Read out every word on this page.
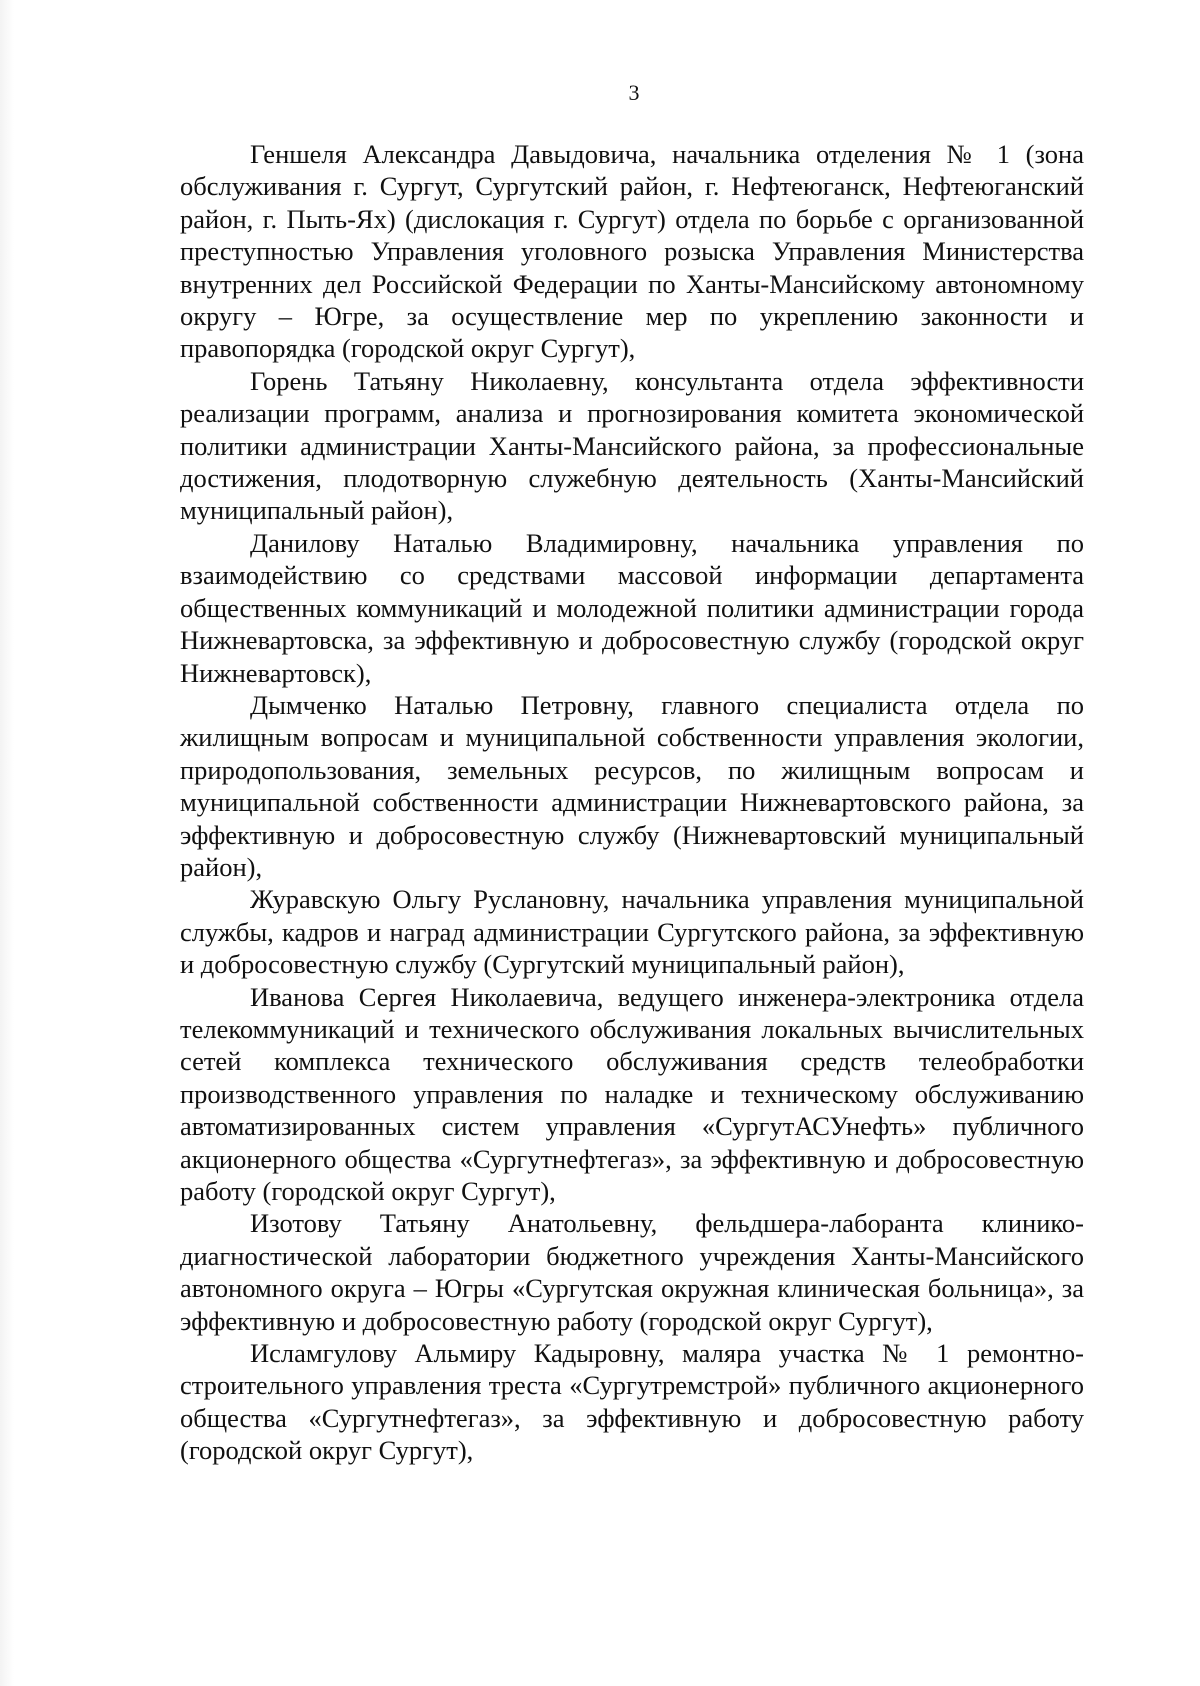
3

Геншеля Александра Давыдовича, начальника отделения № 1 (зона обслуживания г. Сургут, Сургутский район, г. Нефтеюганск, Нефтеюганский район, г. Пыть-Ях) (дислокация г. Сургут) отдела по борьбе с организованной преступностью Управления уголовного розыска Управления Министерства внутренних дел Российской Федерации по Ханты-Мансийскому автономному округу – Югре, за осуществление мер по укреплению законности и правопорядка (городской округ Сургут),

Горень Татьяну Николаевну, консультанта отдела эффективности реализации программ, анализа и прогнозирования комитета экономической политики администрации Ханты-Мансийского района, за профессиональные достижения, плодотворную служебную деятельность (Ханты-Мансийский муниципальный район),

Данилову Наталью Владимировну, начальника управления по взаимодействию со средствами массовой информации департамента общественных коммуникаций и молодежной политики администрации города Нижневартовска, за эффективную и добросовестную службу (городской округ Нижневартовск),

Дымченко Наталью Петровну, главного специалиста отдела по жилищным вопросам и муниципальной собственности управления экологии, природопользования, земельных ресурсов, по жилищным вопросам и муниципальной собственности администрации Нижневартовского района, за эффективную и добросовестную службу (Нижневартовский муниципальный район),

Журавскую Ольгу Руслановну, начальника управления муниципальной службы, кадров и наград администрации Сургутского района, за эффективную и добросовестную службу (Сургутский муниципальный район),

Иванова Сергея Николаевича, ведущего инженера-электроника отдела телекоммуникаций и технического обслуживания локальных вычислительных сетей комплекса технического обслуживания средств телеобработки производственного управления по наладке и техническому обслуживанию автоматизированных систем управления «СургутАСУнефть» публичного акционерного общества «Сургутнефтегаз», за эффективную и добросовестную работу (городской округ Сургут),

Изотову Татьяну Анатольевну, фельдшера-лаборанта клинико-диагностической лаборатории бюджетного учреждения Ханты-Мансийского автономного округа – Югры «Сургутская окружная клиническая больница», за эффективную и добросовестную работу (городской округ Сургут),

Исламгулову Альмиру Кадыровну, маляра участка № 1 ремонтно-строительного управления треста «Сургутремстрой» публичного акционерного общества «Сургутнефтегаз», за эффективную и добросовестную работу (городской округ Сургут),
